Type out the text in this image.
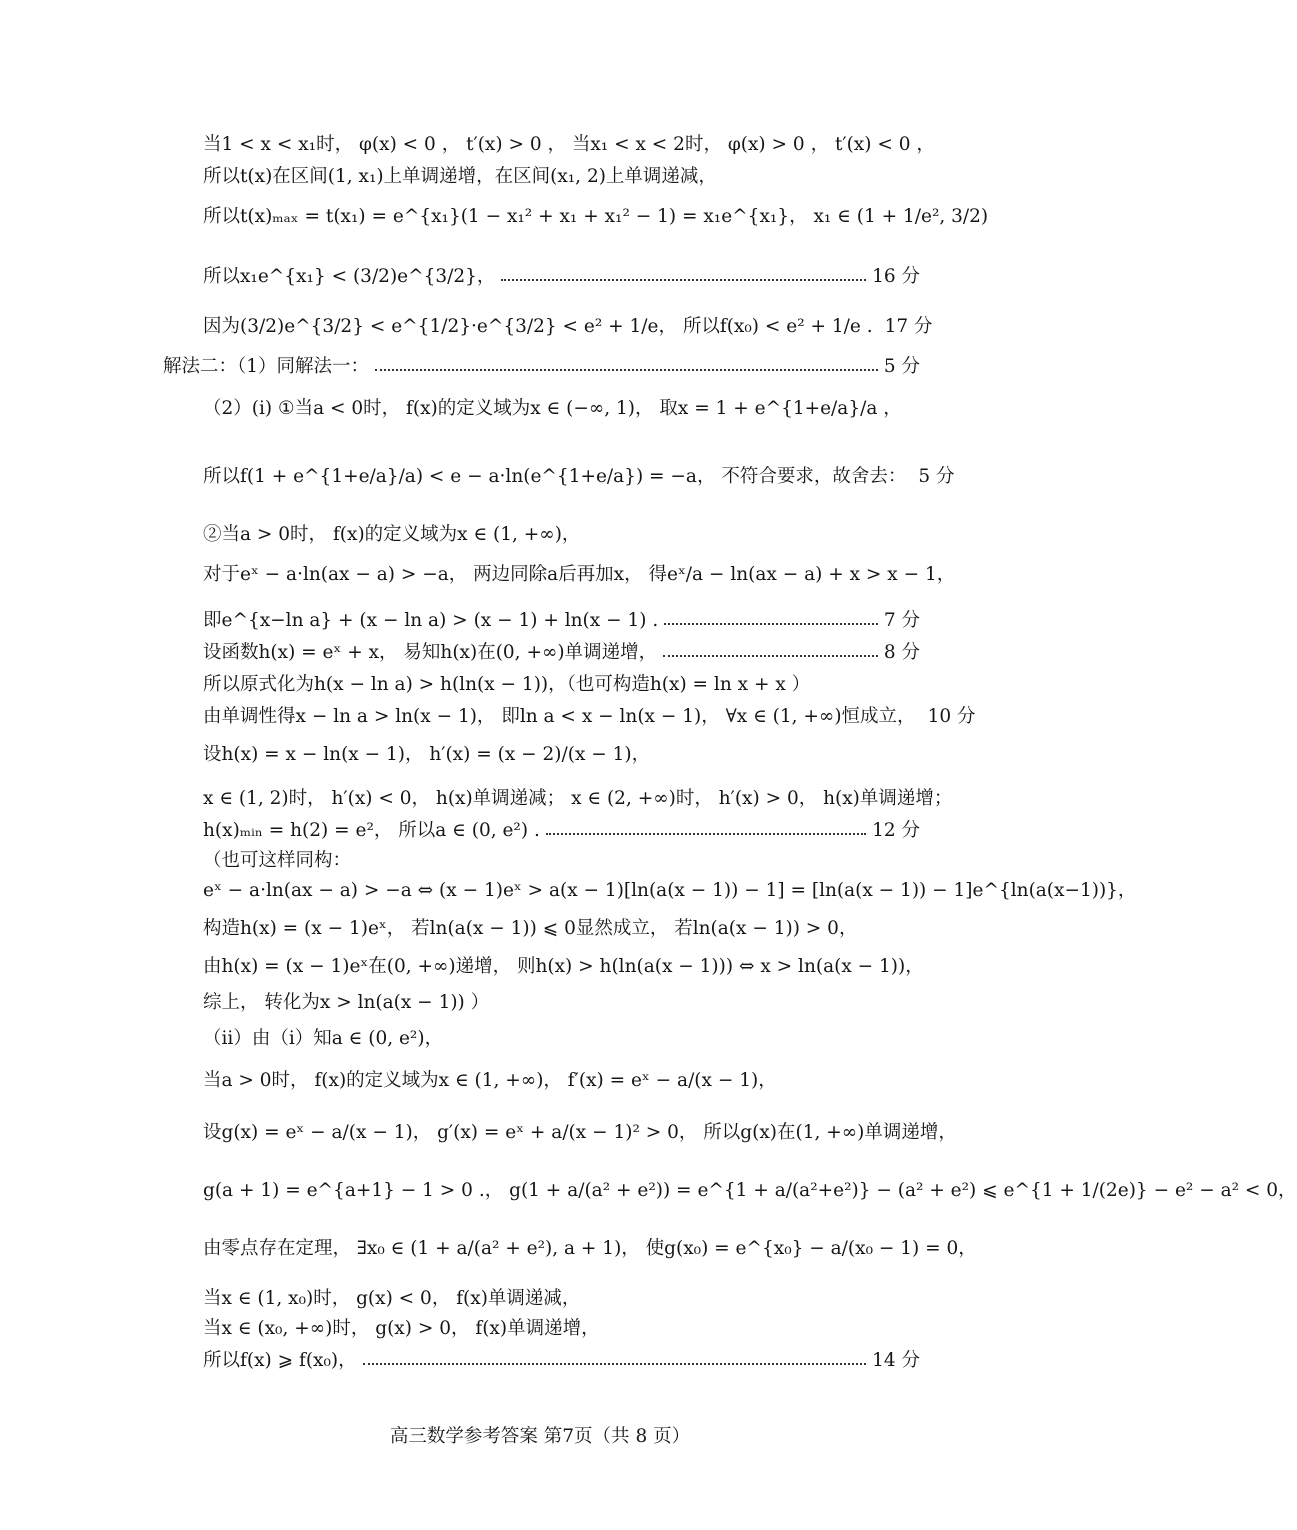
当1 < x < x₁时， φ(x) < 0 ， t′(x) > 0 ， 当x₁ < x < 2时， φ(x) > 0 ， t′(x) < 0 ，
所以t(x)在区间(1, x₁)上单调递增，在区间(x₁, 2)上单调递减，
所以t(x)ₘₐₓ = t(x₁) = e^{x₁}(1 − x₁² + x₁ + x₁² − 1) = x₁e^{x₁}， x₁ ∈ (1 + 1/e², 3/2)
所以x₁e^{x₁} < (3/2)e^{3/2}，	16 分
因为(3/2)e^{3/2} < e^{1/2}·e^{3/2} < e² + 1/e， 所以f(x₀) < e² + 1/e . 17 分
解法二：（1）同解法一：	5 分
（2）(i) ①当a < 0时， f(x)的定义域为x ∈ (−∞, 1)， 取x = 1 + e^{1+e/a}/a ，
所以f(1 + e^{1+e/a}/a) < e − a·ln(e^{1+e/a}) = −a， 不符合要求，故舍去： 5 分
②当a > 0时， f(x)的定义域为x ∈ (1, +∞)，
对于eˣ − a·ln(ax − a) > −a， 两边同除a后再加x， 得eˣ/a − ln(ax − a) + x > x − 1，
即e^{x−ln a} + (x − ln a) > (x − 1) + ln(x − 1) .	7 分
设函数h(x) = eˣ + x， 易知h(x)在(0, +∞)单调递增，	8 分
所以原式化为h(x − ln a) > h(ln(x − 1))，（也可构造h(x) = ln x + x ）
由单调性得x − ln a > ln(x − 1)， 即ln a < x − ln(x − 1)， ∀x ∈ (1, +∞)恒成立， 10 分
设h(x) = x − ln(x − 1)， h′(x) = (x − 2)/(x − 1)，
x ∈ (1, 2)时， h′(x) < 0， h(x)单调递减； x ∈ (2, +∞)时， h′(x) > 0， h(x)单调递增；
h(x)ₘᵢₙ = h(2) = e²， 所以a ∈ (0, e²) .	12 分
（也可这样同构：
eˣ − a·ln(ax − a) > −a ⇔ (x − 1)eˣ > a(x − 1)[ln(a(x − 1)) − 1] = [ln(a(x − 1)) − 1]e^{ln(a(x−1))}，
构造h(x) = (x − 1)eˣ， 若ln(a(x − 1)) ⩽ 0显然成立， 若ln(a(x − 1)) > 0，
由h(x) = (x − 1)eˣ在(0, +∞)递增， 则h(x) > h(ln(a(x − 1))) ⇔ x > ln(a(x − 1))，
综上， 转化为x > ln(a(x − 1)) ）
（ii）由（i）知a ∈ (0, e²)，
当a > 0时， f(x)的定义域为x ∈ (1, +∞)， f′(x) = eˣ − a/(x − 1)，
设g(x) = eˣ − a/(x − 1)， g′(x) = eˣ + a/(x − 1)² > 0， 所以g(x)在(1, +∞)单调递增，
g(a + 1) = e^{a+1} − 1 > 0 .， g(1 + a/(a² + e²)) = e^{1 + a/(a²+e²)} − (a² + e²) ⩽ e^{1 + 1/(2e)} − e² − a² < 0，
由零点存在定理， ∃x₀ ∈ (1 + a/(a² + e²), a + 1)， 使g(x₀) = e^{x₀} − a/(x₀ − 1) = 0，
当x ∈ (1, x₀)时， g(x) < 0， f(x)单调递减，
当x ∈ (x₀, +∞)时， g(x) > 0， f(x)单调递增，
所以f(x) ⩾ f(x₀)，	14 分
高三数学参考答案 第7页（共 8 页）
